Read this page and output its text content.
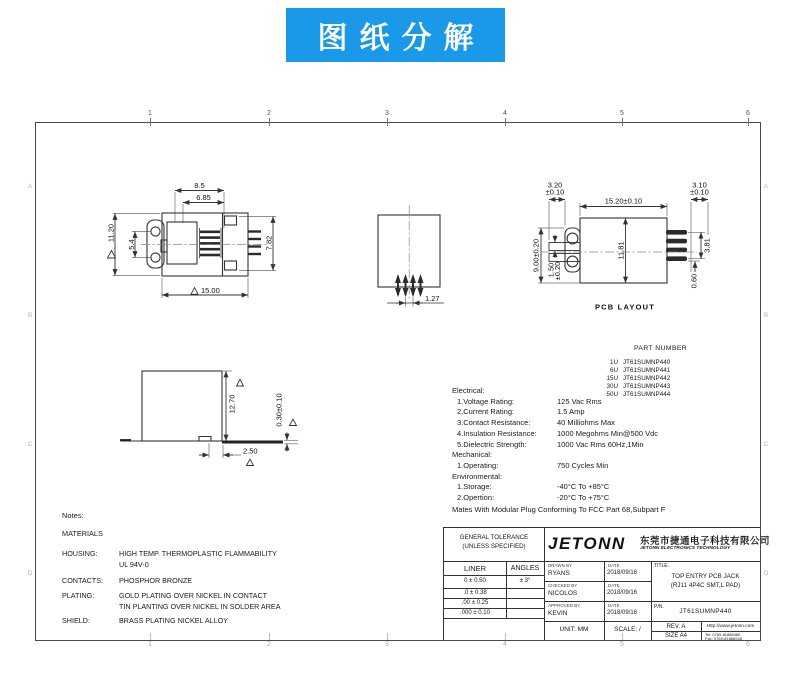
图纸分解
1	2	3	4	5	6
1	2	3	4	5	6
A
B
C
D
A
B
C
D
8.5
6.85
11.20
5.4	7.82
15.00
1.27
3.20
±0.10
15.20±0.10
3.10
±0.10
9.00±0.20 1.50
±0.20
11.81	3.81
0.60
PCB LAYOUT
12.70	0.30±0.10
2.50
PART NUMBER
1U JT61SUMNP440
6U JT61SUMNP441
15U JT61SUMNP442
30U JT61SUMNP443
50U JT61SUMNP444
Electrical:
1.Voltage Rating:	125 Vac Rms
2.Current Rating:	1.5 Amp
3.Contact Resistance:	40 Milliohms Max
4.Insulation Resistance:	1000 Megohms Min@500 Vdc
5.Dielectric Strength:	1000 Vac Rms 60Hz,1Min
Mechanical:
1.Operating:	750 Cycles Min
Environmental:
1.Storage:	-40°C To +85°C
2.Opertion:	-20°C To +75°C
Mates With Modular Plug Conforming To FCC Part 68,Subpart F
Notes:
MATERIALS
HOUSING:	HIGH TEMP. THERMOPLASTIC FLAMMABILITY
UL 94V-0
CONTACTS:	PHOSPHOR BRONZE
PLATING:	GOLD PLATING OVER NICKEL IN CONTACT
TIN PLANTING OVER NICKEL IN SOLDER AREA
SHIELD:	BRASS PLATING NICKEL ALLOY
GENERAL TOLERANCE
(UNLESS SPECIFIED)
LINER	ANGLES
0 ± 0.50	± 3°
.0 ± 0.38
.00 ± 0.25
.000 ± 0.10
JETONN 东莞市捷通电子科技有限公司
JETONN ELECTRONICS TECHNOLOGY
DRAWN BY
RYANS
DATE
2018/09/16
CHECKED BY
NICOLOS
DATE
2018/09/16
APPROVED BY
KEVIN
DATE
2018/09/16
UNIT: MM	SCALE: /
TITLE.
TOP ENTRY PCB JACK
(RJ11 4P4C SMT,L PAD)
P/N.
JT61SUMNP440
REV. A	Http://www.jetonn.com
SIZE A4	Tel: 0769-81888480
Fax: 0769-81888948
